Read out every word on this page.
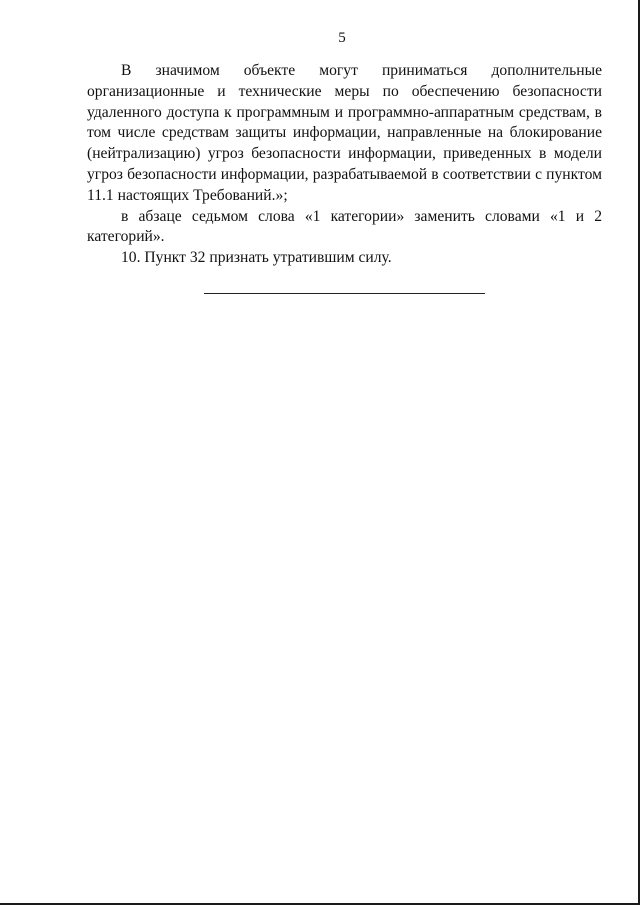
5

В значимом объекте могут приниматься дополнительные организационные и технические меры по обеспечению безопасности удаленного доступа к программным и программно-аппаратным средствам, в том числе средствам защиты информации, направленные на блокирование (нейтрализацию) угроз безопасности информации, приведенных в модели угроз безопасности информации, разрабатываемой в соответствии с пунктом 11.1 настоящих Требований.»;

в абзаце седьмом слова «1 категории» заменить словами «1 и 2 категорий».

10. Пункт 32 признать утратившим силу.
